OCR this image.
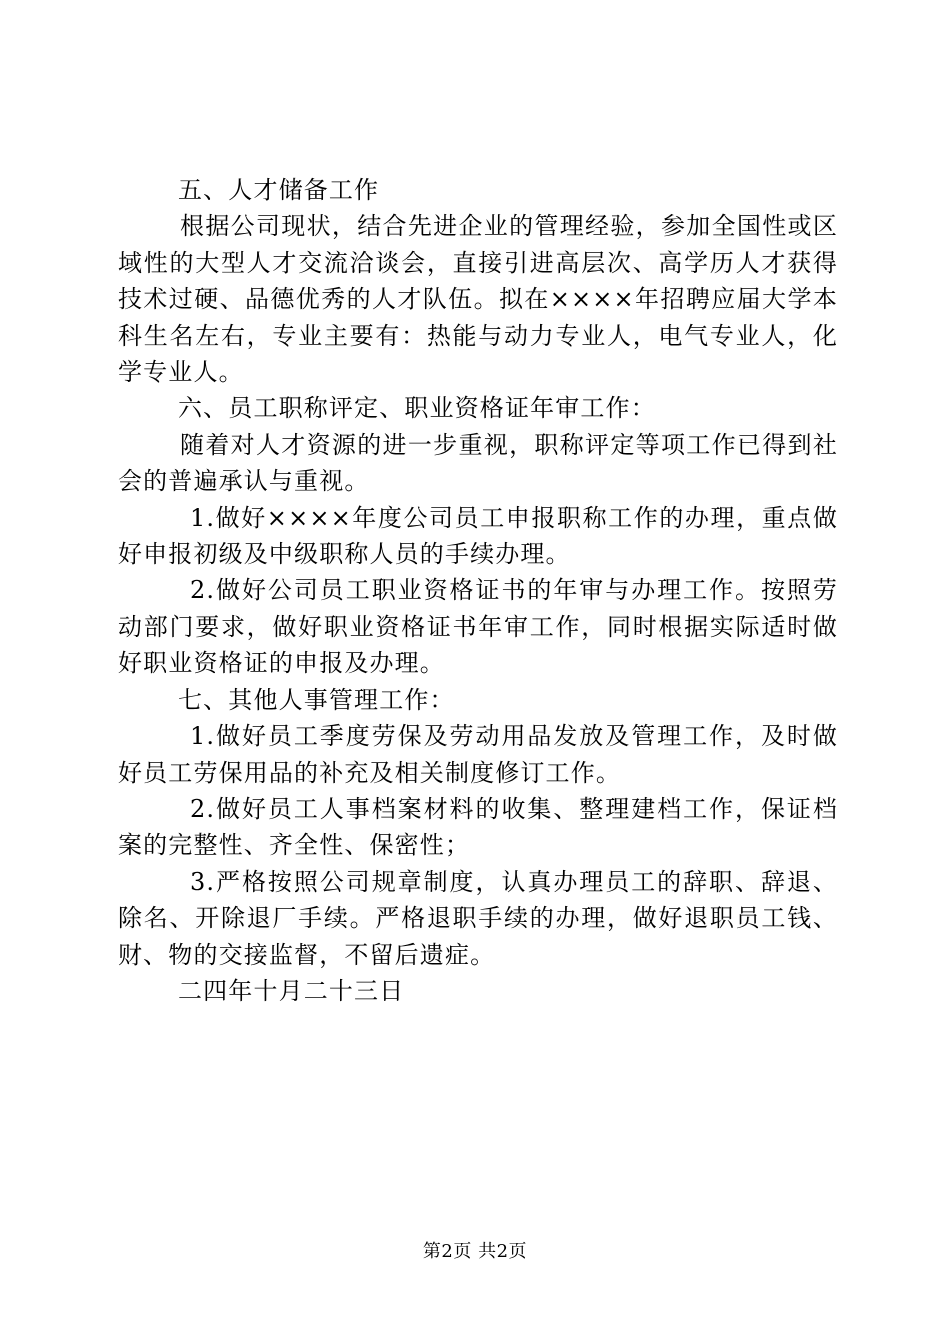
五、人才储备工作

根据公司现状，结合先进企业的管理经验，参加全国性或区域性的大型人才交流洽谈会，直接引进高层次、高学历人才获得技术过硬、品德优秀的人才队伍。拟在××××年招聘应届大学本科生名左右，专业主要有：热能与动力专业人，电气专业人，化学专业人。

六、员工职称评定、职业资格证年审工作：

随着对人才资源的进一步重视，职称评定等项工作已得到社会的普遍承认与重视。

1.做好××××年度公司员工申报职称工作的办理，重点做好申报初级及中级职称人员的手续办理。

2.做好公司员工职业资格证书的年审与办理工作。按照劳动部门要求，做好职业资格证书年审工作，同时根据实际适时做好职业资格证的申报及办理。

七、其他人事管理工作：

1.做好员工季度劳保及劳动用品发放及管理工作，及时做好员工劳保用品的补充及相关制度修订工作。

2.做好员工人事档案材料的收集、整理建档工作，保证档案的完整性、齐全性、保密性；

3.严格按照公司规章制度，认真办理员工的辞职、辞退、除名、开除退厂手续。严格退职手续的办理，做好退职员工钱、财、物的交接监督，不留后遗症。

二四年十月二十三日

第2页 共2页
